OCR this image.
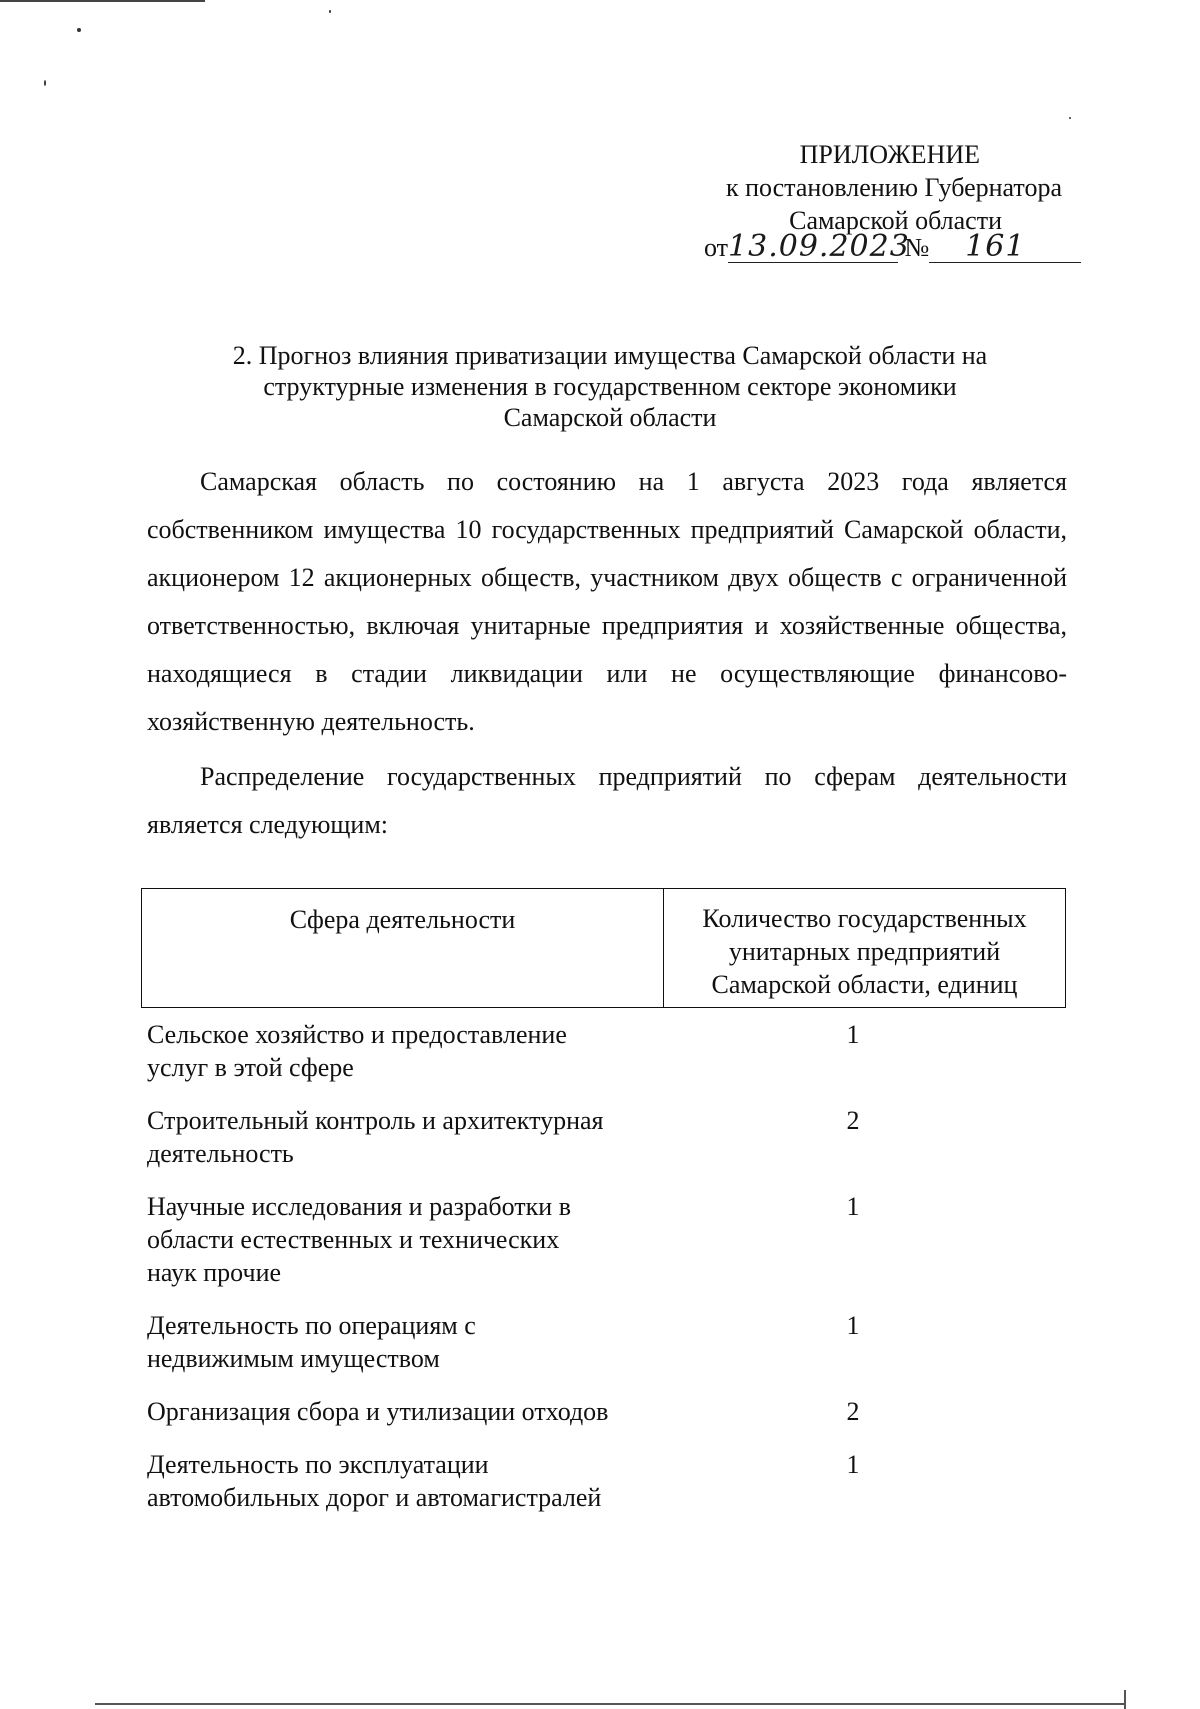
ПРИЛОЖЕНИЕ
к постановлению Губернатора
Самарской области
от13.09.2023 № 161
2. Прогноз влияния приватизации имущества Самарской области на
структурные изменения в государственном секторе экономики
Самарской области
Самарская область по состоянию на 1 августа 2023 года является собственником имущества 10 государственных предприятий Самарской области, акционером 12 акционерных обществ, участником двух обществ с ограниченной ответственностью, включая унитарные предприятия и хозяйственные общества, находящиеся в стадии ликвидации или не осуществляющие финансово-хозяйственную деятельность.
Распределение государственных предприятий по сферам деятельности является следующим:
Сфера деятельности	Количество государственных
унитарных предприятий
Самарской области, единиц
Сельское хозяйство и предоставление
услуг в этой сфере
1
Строительный контроль и архитектурная
деятельность
2
Научные исследования и разработки в
области естественных и технических
наук прочие
1
Деятельность по операциям с
недвижимым имуществом
1
Организация сбора и утилизации отходов	2
Деятельность по эксплуатации
автомобильных дорог и автомагистралей
1
